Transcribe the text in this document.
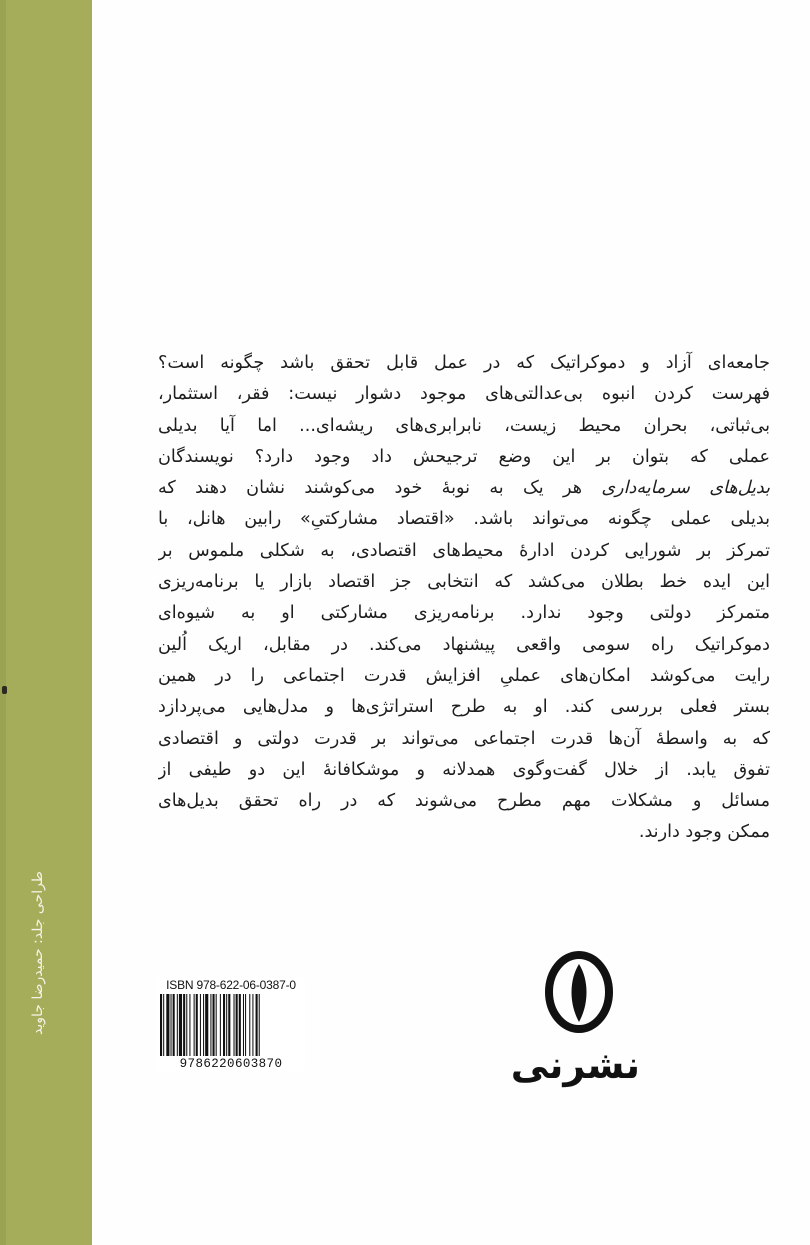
طراحی جلد: حمیدرضا جاوید
جامعه‌ای آزاد و دموکراتیک که در عمل قابل تحقق باشد چگونه است؟
فهرست کردن انبوه بی‌عدالتی‌های موجود دشوار نیست: فقر، استثمار،
بی‌ثباتی، بحران محیط زیست، نابرابری‌های ریشه‌ای... اما آیا بدیلی
عملی که بتوان بر این وضع ترجیحش داد وجود دارد؟ نویسندگان
بدیل‌های سرمایه‌داری هر یک به نوبهٔ خود می‌کوشند نشان دهند که
بدیلی عملی چگونه می‌تواند باشد. «اقتصاد مشارکتیِ» رابین هانل، با
تمرکز بر شورایی کردن ادارهٔ محیط‌های اقتصادی، به شکلی ملموس بر
این ایده خط بطلان می‌کشد که انتخابی جز اقتصاد بازار یا برنامه‌ریزی
متمرکز دولتی وجود ندارد. برنامه‌ریزی مشارکتی او به شیوه‌ای
دموکراتیک راه سومی واقعی پیشنهاد می‌کند. در مقابل، اریک اُلین
رایت می‌کوشد امکان‌های عملیِ افزایش قدرت اجتماعی را در همین
بستر فعلی بررسی کند. او به طرح استراتژی‌ها و مدل‌هایی می‌پردازد
که به واسطهٔ آن‌ها قدرت اجتماعی می‌تواند بر قدرت دولتی و اقتصادی
تفوق یابد. از خلال گفت‌وگوی همدلانه و موشکافانهٔ این دو طیفی از
مسائل و مشکلات مهم مطرح می‌شوند که در راه تحقق بدیل‌های
ممکن وجود دارند.
ISBN 978-622-06-0387-0
9786220603870	نشرنی
